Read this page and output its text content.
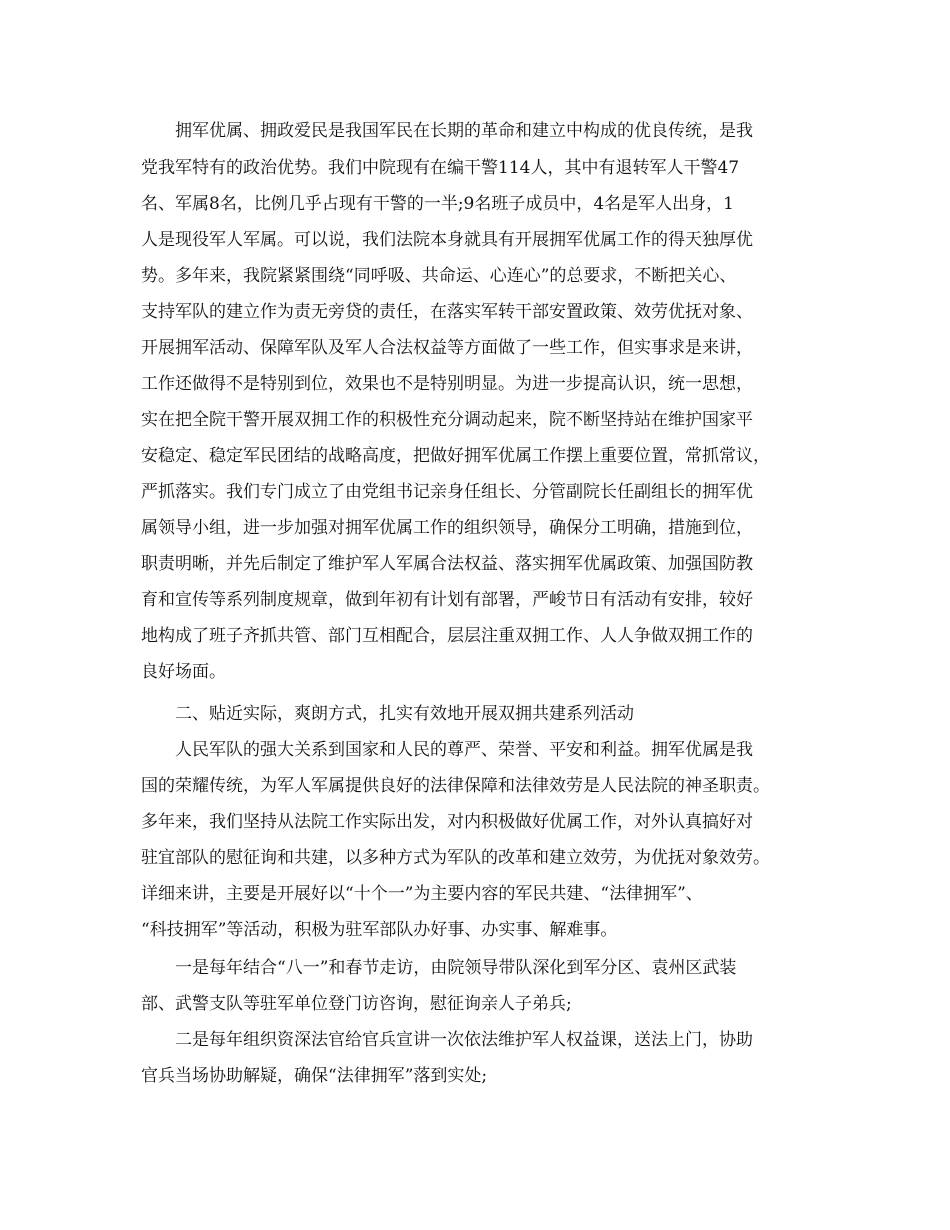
拥军优属、拥政爱民是我国军民在长期的革命和建立中构成的优良传统，是我
党我军特有的政治优势。我们中院现有在编干警114人，其中有退转军人干警47
名、军属8名，比例几乎占现有干警的一半;9名班子成员中，4名是军人出身，1
人是现役军人军属。可以说，我们法院本身就具有开展拥军优属工作的得天独厚优
势。多年来，我院紧紧围绕“同呼吸、共命运、心连心”的总要求，不断把关心、
支持军队的建立作为责无旁贷的责任，在落实军转干部安置政策、效劳优抚对象、
开展拥军活动、保障军队及军人合法权益等方面做了一些工作，但实事求是来讲，
工作还做得不是特别到位，效果也不是特别明显。为进一步提高认识，统一思想，
实在把全院干警开展双拥工作的积极性充分调动起来，院不断坚持站在维护国家平
安稳定、稳定军民团结的战略高度，把做好拥军优属工作摆上重要位置，常抓常议，
严抓落实。我们专门成立了由党组书记亲身任组长、分管副院长任副组长的拥军优
属领导小组，进一步加强对拥军优属工作的组织领导，确保分工明确，措施到位，
职责明晰，并先后制定了维护军人军属合法权益、落实拥军优属政策、加强国防教
育和宣传等系列制度规章，做到年初有计划有部署，严峻节日有活动有安排，较好
地构成了班子齐抓共管、部门互相配合，层层注重双拥工作、人人争做双拥工作的
良好场面。
二、贴近实际，爽朗方式，扎实有效地开展双拥共建系列活动
人民军队的强大关系到国家和人民的尊严、荣誉、平安和利益。拥军优属是我
国的荣耀传统，为军人军属提供良好的法律保障和法律效劳是人民法院的神圣职责。
多年来，我们坚持从法院工作实际出发，对内积极做好优属工作，对外认真搞好对
驻宜部队的慰征询和共建，以多种方式为军队的改革和建立效劳，为优抚对象效劳。
详细来讲，主要是开展好以“十个一”为主要内容的军民共建、“法律拥军”、
“科技拥军”等活动，积极为驻军部队办好事、办实事、解难事。
一是每年结合“八一”和春节走访，由院领导带队深化到军分区、袁州区武装
部、武警支队等驻军单位登门访咨询，慰征询亲人子弟兵;
二是每年组织资深法官给官兵宣讲一次依法维护军人权益课，送法上门，协助
官兵当场协助解疑，确保“法律拥军”落到实处;
